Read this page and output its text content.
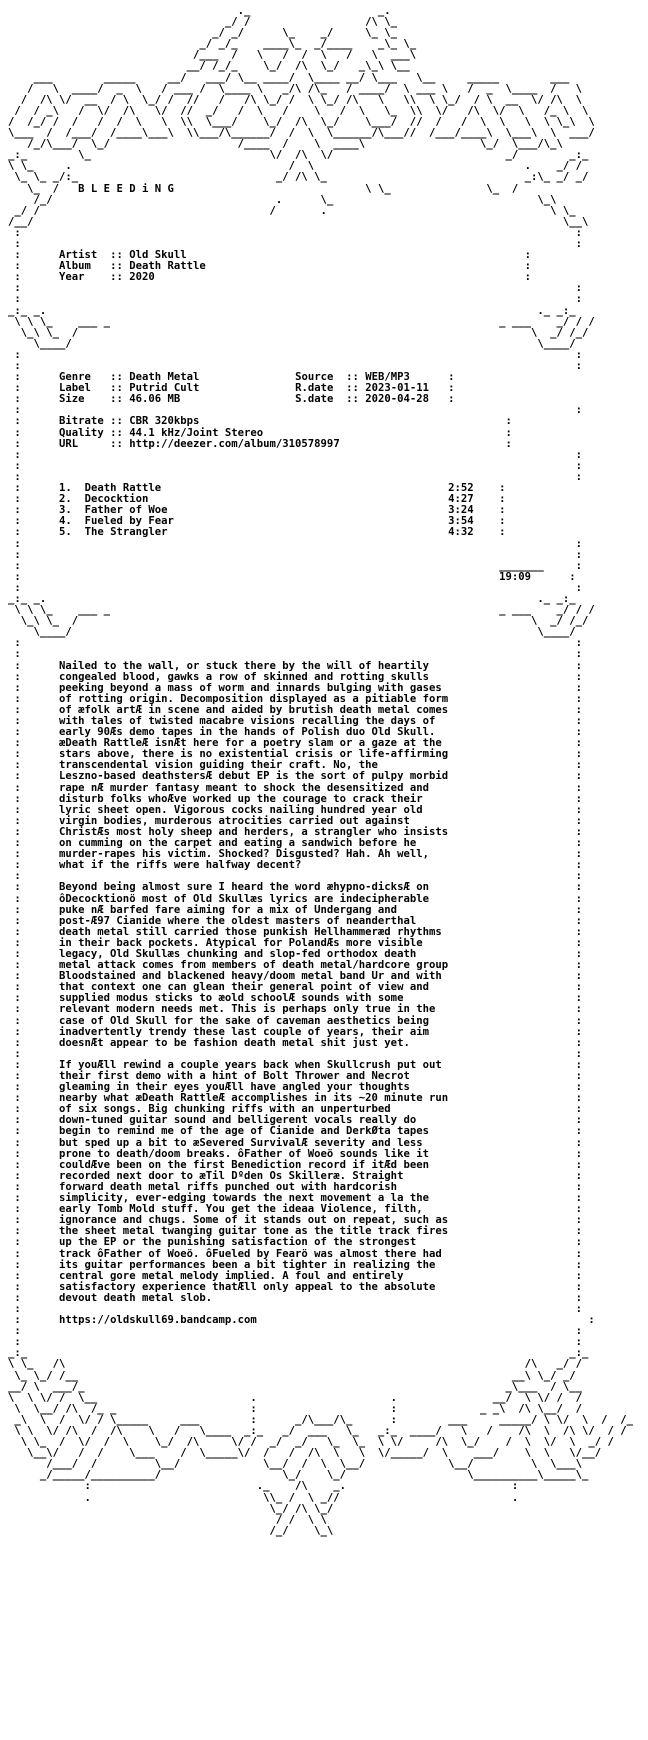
._                    _.
_/ /                  /\ \_
_/ _/      \_    _/     \_ \_
_/ _/_    ____\_  _/____    _\_ \_
/___  /   \   /  /  \   /   \  ___\
__/ /_/_    \_/  /\  \_/   _\_\ \__
___        _____     __/   ___/ \__ ____/  \____ __/ \___   \__     _____        ___
/   \  ____/  _  \   / ___ /  \____ \   _/\ /\_   / ____/  \ ___ \   /  _  \____  /   \
/  /\ \/  __  / \  \_/ /  //   /   /\ \_/ /  \ \_/ /\   \   \\  \ \_/  / \  __  \/ /\  \
/  / _\   /  \/  /\   \/  //  _/   /  \   /    \   /  \   \_  \\  \/   /\  \/  \   /_ \  \
/  /_/ /  /   /  /  \   \  \\  \___/    \_/  /\  \_/    \___/  //  /   /  \  \   \  \ \_\  \
\___  /  /___/  /____\___\  \\___/\______/  /  \  \______/\___//  /___/____\  \___\  \  ___/
/_/\___/  \_/                    /____  /    \  ____\                  \_/  \___/\_\
_:_        \_                            \/  /\  \/                           _/        _:_
\ \_     .                                  /  \                                 .    _/ /
\_ \_ _/:_                               _/ /\ \_                               _:\_ _/ _/
\_  / B L E E D i N G	\ \_               \_  /
/_/                                   .      \_                                \_\
_/ /                                    /       .                                   \ \_
/__/                                                                                   \__\
:                                                                                       :
:                                                                                       :
:	Artist  :: Old Skull	:
:	Album   :: Death Rattle	:
:	Year    :: 2020	:
:                                                                                       :
:                                                                                       :
_:_ _.                                                                             ._ _:_
\ \ \_    ___ _                                                             _ ___    _/ / /
\_\ \_  /                                                                       \  _/ /_/
\____/                                                                         \____/
:                                                                                       :
:                                                                                       :
:	Genre   :: Death Metal	Source  :: WEB/MP3	:
:	Label   :: Putrid Cult	R.date  :: 2023-01-11   :
:	Size    :: 46.06 MB	S.date  :: 2020-04-28   :
:                                                                                       :
:	Bitrate :: CBR 320kbps	:
:	Quality :: 44.1 kHz/Joint Stereo	:
:	URL     :: http://deezer.com/album/310578997	:
:                                                                                       :
:                                                                                       :
:                                                                                       :
:	1. Death Rattle	2:52    :
:	2. Decocktion	4:27    :
:	3. Father of Woe	3:24    :
:	4. Fueled by Fear	3:54    :
:	5. The Strangler	4:32    :
:                                                                                       :
:                                                                                       :
:                                                                           _______     :
:	19:09	:
:                                                                                       :
_:_ _.                                                                             ._ _:_
\ \ \_    ___ _                                                             _ ___    _/ / /
\_\ \_  /                                                                       \  _/ /_/
\____/                                                                         \____/
:                                                                                       :
:                                                                                       :
:      Nailed to the wall, or stuck there by the will of heartily	:
:      congealed blood, gawks a row of skinned and rotting skulls	:
:      peeking beyond a mass of worm and innards bulging with gases	:
:      of rotting origin. Decomposition displayed as a pitiable form	:
:      of æfolk artÆ in scene and aided by brutish death metal comes	:
:      with tales of twisted macabre visions recalling the days of	:
:      early 90Æs demo tapes in the hands of Polish duo Old Skull.	:
:      æDeath RattleÆ isnÆt here for a poetry slam or a gaze at the	:
:      stars above, there is no existential crisis or life-affirming	:
:      transcendental vision guiding their craft. No, the	:
:      Leszno-based deathstersÆ debut EP is the sort of pulpy morbid	:
:      rape nÆ murder fantasy meant to shock the desensitized and	:
:      disturb folks whoÆve worked up the courage to crack their	:
:      lyric sheet open. Vigorous cocks nailing hundred year old	:
:      virgin bodies, murderous atrocities carried out against	:
:      ChristÆs most holy sheep and herders, a strangler who insists	:
:      on cumming on the carpet and eating a sandwich before he	:
:      murder-rapes his victim. Shocked? Disgusted? Hah. Ah well,	:
:      what if the riffs were halfway decent?	:
:                                                                                       :
:      Beyond being almost sure I heard the word æhypno-dicksÆ on	:
:      ôDecocktionö most of Old Skullæs lyrics are indecipherable	:
:      puke nÆ barfed fare aiming for a mix of Undergang and	:
:      post-Æ97 Cianide where the oldest masters of neanderthal	:
:      death metal still carried those punkish Hellhammeræd rhythms	:
:      in their back pockets. Atypical for PolandÆs more visible	:
:      legacy, Old Skullæs chunking and slop-fed orthodox death	:
:      metal attack comes from members of death metal/hardcore group	:
:      Bloodstained and blackened heavy/doom metal band Ur and with	:
:      that context one can glean their general point of view and	:
:      supplied modus sticks to æold schoolÆ sounds with some	:
:      relevant modern needs met. This is perhaps only true in the	:
:      case of Old Skull for the sake of caveman aesthetics being	:
:      inadvertently trendy these last couple of years, their aim	:
:      doesnÆt appear to be fashion death metal shit just yet.	:
:                                                                                       :
:      If youÆll rewind a couple years back when Skullcrush put out	:
:      their first demo with a hint of Bolt Thrower and Necrot	:
:      gleaming in their eyes youÆll have angled your thoughts	:
:      nearby what æDeath RattleÆ accomplishes in its ~20 minute run	:
:      of six songs. Big chunking riffs with an unperturbed	:
:      down-tuned guitar sound and belligerent vocals really do	:
:      begin to remind me of the age of Cianide and DerkØta tapes	:
:      but sped up a bit to æSevered SurvivalÆ severity and less	:
:      prone to death/doom breaks. ôFather of Woeö sounds like it	:
:      couldÆve been on the first Benediction record if itÆd been	:
:      recorded next door to æTil Dºden Os Skilleræ. Straight	:
:      forward death metal riffs punched out with hardcorish	:
:      simplicity, ever-edging towards the next movement a la the	:
:      early Tomb Mold stuff. You get the ideaa Violence, filth,	:
:      ignorance and chugs. Some of it stands out on repeat, such as	:
:      the sheet metal twanging guitar tone as the title track fires	:
:      up the EP or the punishing satisfaction of the strongest	:
:      track ôFather of Woeö. ôFueled by Fearö was almost there had	:
:      its guitar performances been a bit tighter in realizing the	:
:      central gore metal melody implied. A foul and entirely	:
:      satisfactory experience thatÆll only appeal to the absolute	:
:      devout death metal slob.	:
:                                                                                       :
:	https://oldskull69.bandcamp.com	:
:                                                                                       :
:                                                                                       :
_:_                                                                                     _:_
\ \_   /\                                                                        /\   _/ /
\_ \_/ /__                                                                    __\ \_/ _/
__/ \  ___/_                                                                  _\___  / \__
\  \ \/ /  \__                        .                     .               __/  \ \/ /  /
\  \__/ /\  /_ _                     :                     :             _ _\  /\ \__/  /
_\  \  /  \/ / \_____     ___        :      _/\___/\_      :        ___     _____/ \ \/  \  /  /_
\ \  \/ /\  /  /\    \   /   \____  _:_   _/  ___   \_   _:_  ____/   \   /    /\  \  /\ \/  / /
\ \_  /  \/  /  \    \_/  /\     \/ /  _/  _/   \_  \_  \ \/     /\  \_/    /  \  \/  \  _/ /
\__\/   /  /    \___    /  \_____\/  /   /  /\  \   \  \/_____/  \    ___/    \  \   \/__/
/___/  /         \__/             \__/  /  \  \__/             \__/         \  \___\
_/_____/__________/                   \_/    \_/                   \__________\_____\_
:                          ._    /\    _.                          :
.                           \\_ /  \ _//                           .
\_/ /\ \_/
/ /  \ \
/_/    \_\
